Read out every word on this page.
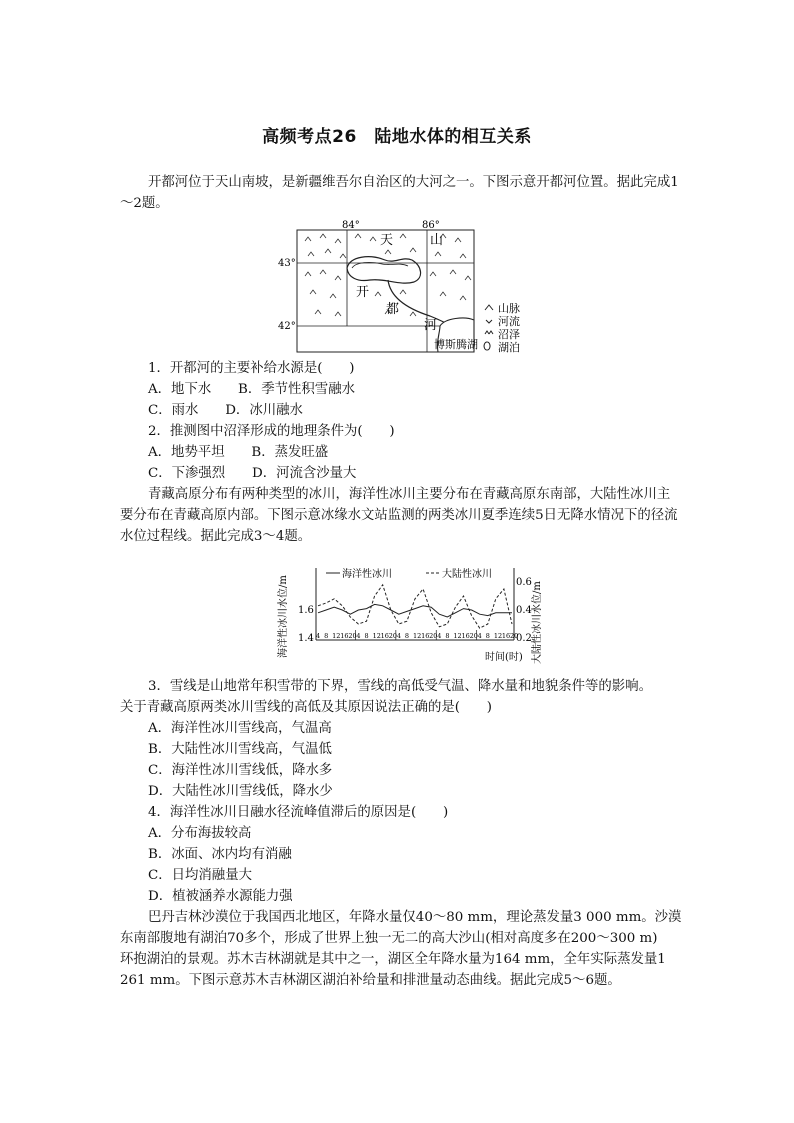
高频考点26　陆地水体的相互关系
开都河位于天山南坡，是新疆维吾尔自治区的大河之一。下图示意开都河位置。据此完成1～2题。
84°	86°
43°
42°
天	山
开
都
河
博斯腾湖
山脉
河流
沼泽
湖泊
1．开都河的主要补给水源是(　　)
A．地下水　　B．季节性积雪融水
C．雨水　　D．冰川融水
2．推测图中沼泽形成的地理条件为(　　)
A．地势平坦　　B．蒸发旺盛
C．下渗强烈　　D．河流含沙量大
青藏高原分布有两种类型的冰川，海洋性冰川主要分布在青藏高原东南部，大陆性冰川主要分布在青藏高原内部。下图示意冰缘水文站监测的两类冰川夏季连续5日无降水情况下的径流水位过程线。据此完成3～4题。
海洋性冰川水位/m	大陆性冰川水位/m
海洋性冰川	大陆性冰川
时间(时)
4 8 12 16 20 4 8 12 16 20 4 8 12 16 20 4 8 12 16 20 4 8 12 16 20
1.4
1.6
0.2
0.4
0.6
3．雪线是山地常年积雪带的下界，雪线的高低受气温、降水量和地貌条件等的影响。
关于青藏高原两类冰川雪线的高低及其原因说法正确的是(　　)
A．海洋性冰川雪线高，气温高
B．大陆性冰川雪线高，气温低
C．海洋性冰川雪线低，降水多
D．大陆性冰川雪线低，降水少
4．海洋性冰川日融水径流峰值滞后的原因是(　　)
A．分布海拔较高
B．冰面、冰内均有消融
C．日均消融量大
D．植被涵养水源能力强
巴丹吉林沙漠位于我国西北地区，年降水量仅40～80 mm，理论蒸发量3 000 mm。沙漠
东南部腹地有湖泊70多个，形成了世界上独一无二的高大沙山(相对高度多在200～300 m)
环抱湖泊的景观。苏木吉林湖就是其中之一，湖区全年降水量为164 mm，全年实际蒸发量1
261 mm。下图示意苏木吉林湖区湖泊补给量和排泄量动态曲线。据此完成5～6题。
